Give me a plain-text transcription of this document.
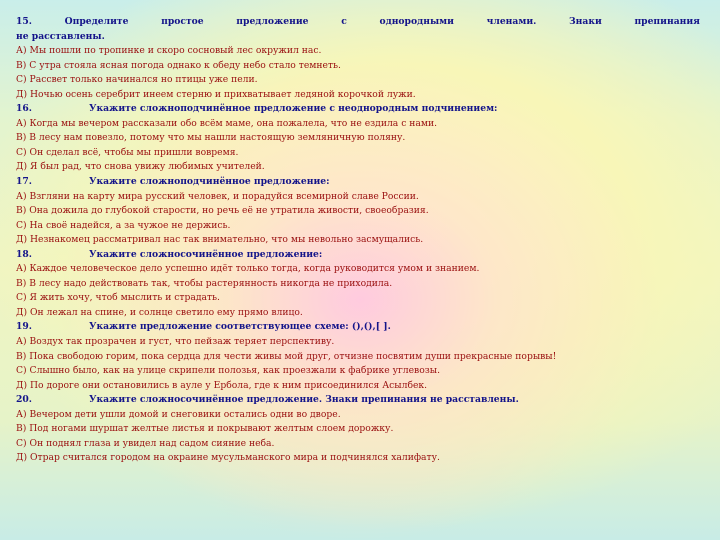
15.	Определите	простое	предложение	с	однородными	членами.	Знаки	препинания
не расставлены.
А) Мы пошли по тропинке и скоро сосновый лес окружил нас.
В) С утра стояла ясная погода однако к обеду небо стало темнеть.
С) Рассвет только начинался но птицы уже пели.
Д) Ночью осень серебрит инеем стерню и прихватывает ледяной корочкой лужи.
16.	Укажите сложноподчинённое предложение с неоднородным подчинением:
А) Когда мы вечером рассказали обо всём маме, она пожалела, что не ездила с нами.
В) В лесу нам повезло, потому что мы нашли настоящую земляничную поляну.
С) Он сделал всё, чтобы мы пришли вовремя.
Д) Я был рад, что снова увижу любимых учителей.
17.	Укажите сложноподчинённое предложение:
А) Взгляни на карту мира русский человек, и порадуйся всемирной славе России.
В) Она дожила до глубокой старости, но речь её не утратила живости, своеобразия.
С) На своё надейся, а за чужое не держись.
Д) Незнакомец рассматривал нас так внимательно, что мы невольно засмущались.
18.	Укажите сложносочинённое предложение:
А) Каждое человеческое дело успешно идёт только тогда, когда руководится умом и знанием.
В) В лесу надо действовать так, чтобы растерянность никогда не приходила.
С) Я жить хочу, чтоб мыслить и страдать.
Д) Он лежал на спине, и солнце светило ему прямо влицо.
19.	Укажите предложение соответствующее схеме: (),(),[ ].
А) Воздух так прозрачен и густ, что пейзаж теряет перспективу.
В) Пока свободою горим, пока сердца для чести живы мой друг, отчизне посвятим души прекрасные порывы!
С) Слышно было, как на улице скрипели полозья, как проезжали к фабрике углевозы.
Д) По дороге они остановились в ауле у Ербола, где к ним присоединился Асылбек.
20.	Укажите сложносочинённое предложение. Знаки препинания не расставлены.
А) Вечером дети ушли домой и снеговики остались одни во дворе.
В) Под ногами шуршат желтые листья и покрывают желтым слоем дорожку.
С) Он поднял глаза и увидел над садом сияние неба.
Д) Отрар считался городом на окраине мусульманского мира и подчинялся халифату.
